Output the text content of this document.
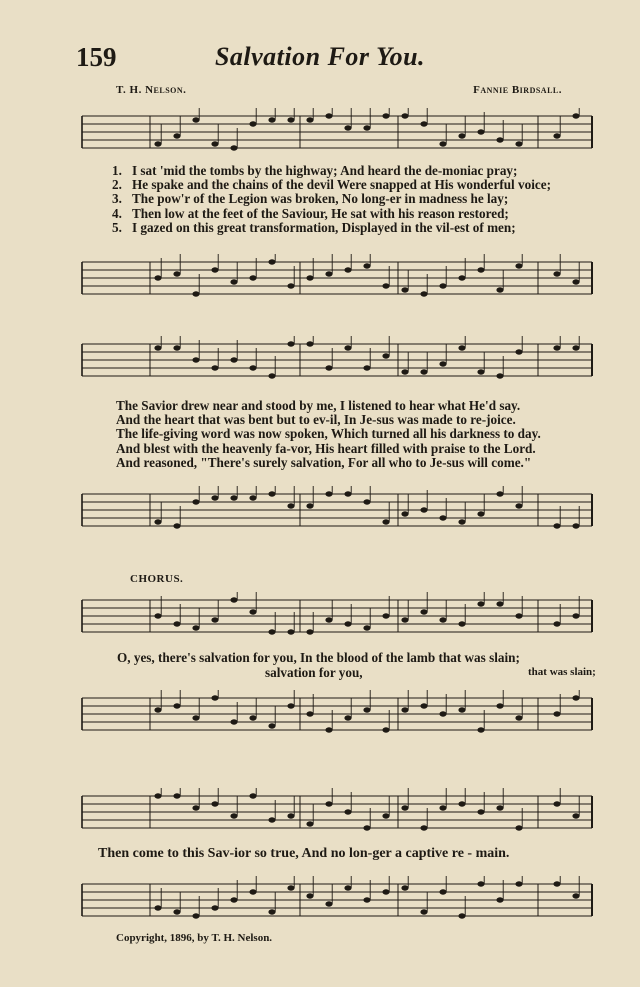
159	Salvation For You.
T. H. Nelson.	Fannie Birdsall.
1. I sat 'mid the tombs by the highway; And heard the de-moniac pray;
2. He spake and the chains of the devil Were snapped at His wonderful voice;
3. The pow'r of the Legion was broken, No long-er in madness he lay;
4. Then low at the feet of the Saviour, He sat with his reason restored;
5. I gazed on this great transformation, Displayed in the vil-est of men;
The Savior drew near and stood by me, I listened to hear what He'd say.
And the heart that was bent but to ev-il, In Je-sus was made to re-joice.
The life-giving word was now spoken, Which turned all his darkness to day.
And blest with the heavenly fa-vor, His heart filled with praise to the Lord.
And reasoned, "There's surely salvation, For all who to Je-sus will come."
CHORUS.
O, yes, there's salvation for you, In the blood of the lamb that was slain;
salvation for you,	that was slain;
Then come to this Sav-ior so true, And no lon-ger a captive re - main.
Copyright, 1896, by T. H. Nelson.
